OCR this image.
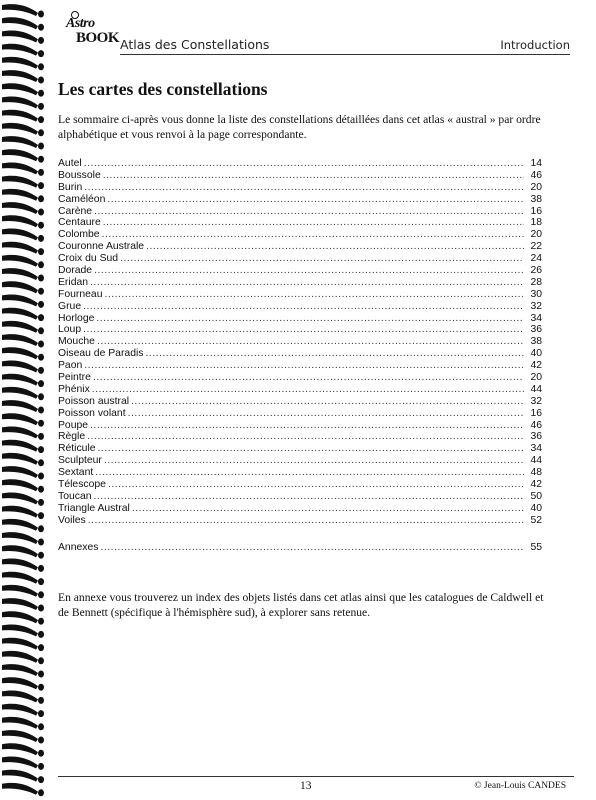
Astro
BOOK Atlas des Constellations	Introduction
Les cartes des constellations

Le sommaire ci-après vous donne la liste des constellations détaillées dans cet atlas « austral » par ordre alphabétique et vous renvoi à la page correspondante.

Autel .....	14
Boussole .....	46
Burin .....	20
Caméléon .....	38
Carène .....	16
Centaure .....	18
Colombe .....	20
Couronne Australe .....	22
Croix du Sud .....	24
Dorade .....	26
Eridan .....	28
Fourneau .....	30
Grue .....	32
Horloge .....	34
Loup .....	36
Mouche .....	38
Oiseau de Paradis .....	40
Paon .....	42
Peintre .....	20
Phénix .....	44
Poisson austral .....	32
Poisson volant .....	16
Poupe .....	46
Règle .....	36
Réticule .....	34
Sculpteur .....	44
Sextant .....	48
Télescope .....	42
Toucan .....	50
Triangle Austral .....	40
Voiles .....	52
Annexes .....	55

En annexe vous trouverez un index des objets listés dans cet atlas ainsi que les catalogues de Caldwell et de Bennett (spécifique à l'hémisphère sud), à explorer sans retenue.

13	© Jean-Louis CANDES
